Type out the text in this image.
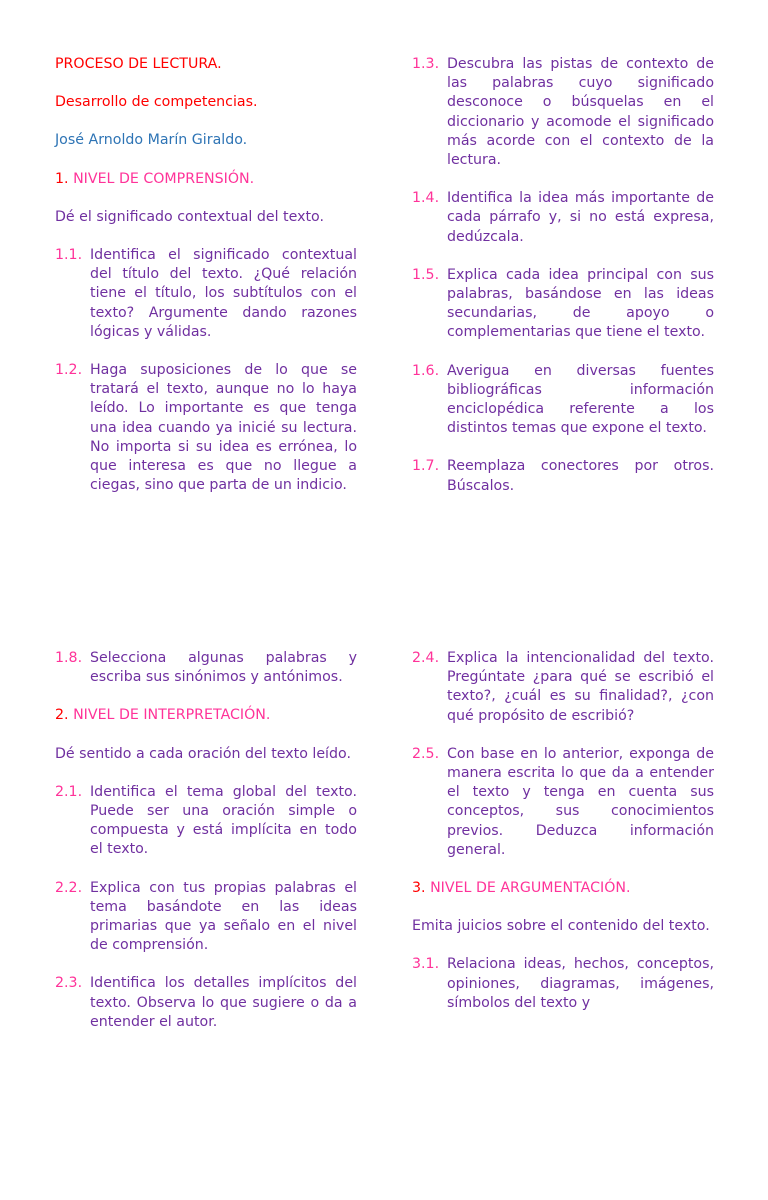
PROCESO DE LECTURA.

Desarrollo de competencias.

José Arnoldo Marín Giraldo.

1. NIVEL DE COMPRENSIÓN.

Dé el significado contextual del texto.

1.1. Identifica el significado contextual del título del texto. ¿Qué relación tiene el título, los subtítulos con el texto? Argumente dando razones lógicas y válidas.
1.2. Haga suposiciones de lo que se tratará el texto, aunque no lo haya leído. Lo importante es que tenga una idea cuando ya inicié su lectura. No importa si su idea es errónea, lo que interesa es que no llegue a ciegas, sino que parta de un indicio.
1.3. Descubra las pistas de contexto de las palabras cuyo significado desconoce o búsquelas en el diccionario y acomode el significado más acorde con el contexto de la lectura.
1.4. Identifica la idea más importante de cada párrafo y, si no está expresa, dedúzcala.
1.5. Explica cada idea principal con sus palabras, basándose en las ideas secundarias, de apoyo o complementarias que tiene el texto.
1.6. Averigua en diversas fuentes bibliográficas información enciclopédica referente a los distintos temas que expone el texto.
1.7. Reemplaza conectores por otros. Búscalos.
1.8. Selecciona algunas palabras y escriba sus sinónimos y antónimos.
2. NIVEL DE INTERPRETACIÓN.

Dé sentido a cada oración del texto leído.

2.1. Identifica el tema global del texto. Puede ser una oración simple o compuesta y está implícita en todo el texto.
2.2. Explica con tus propias palabras el tema basándote en las ideas primarias que ya señalo en el nivel de comprensión.
2.3. Identifica los detalles implícitos del texto. Observa lo que sugiere o da a entender el autor.
2.4. Explica la intencionalidad del texto. Pregúntate ¿para qué se escribió el texto?, ¿cuál es su finalidad?, ¿con qué propósito de escribió?
2.5. Con base en lo anterior, exponga de manera escrita lo que da a entender el texto y tenga en cuenta sus conceptos, sus conocimientos previos. Deduzca información general.
3. NIVEL DE ARGUMENTACIÓN.

Emita juicios sobre el contenido del texto.

3.1. Relaciona ideas, hechos, conceptos, opiniones, diagramas, imágenes, símbolos del texto y
